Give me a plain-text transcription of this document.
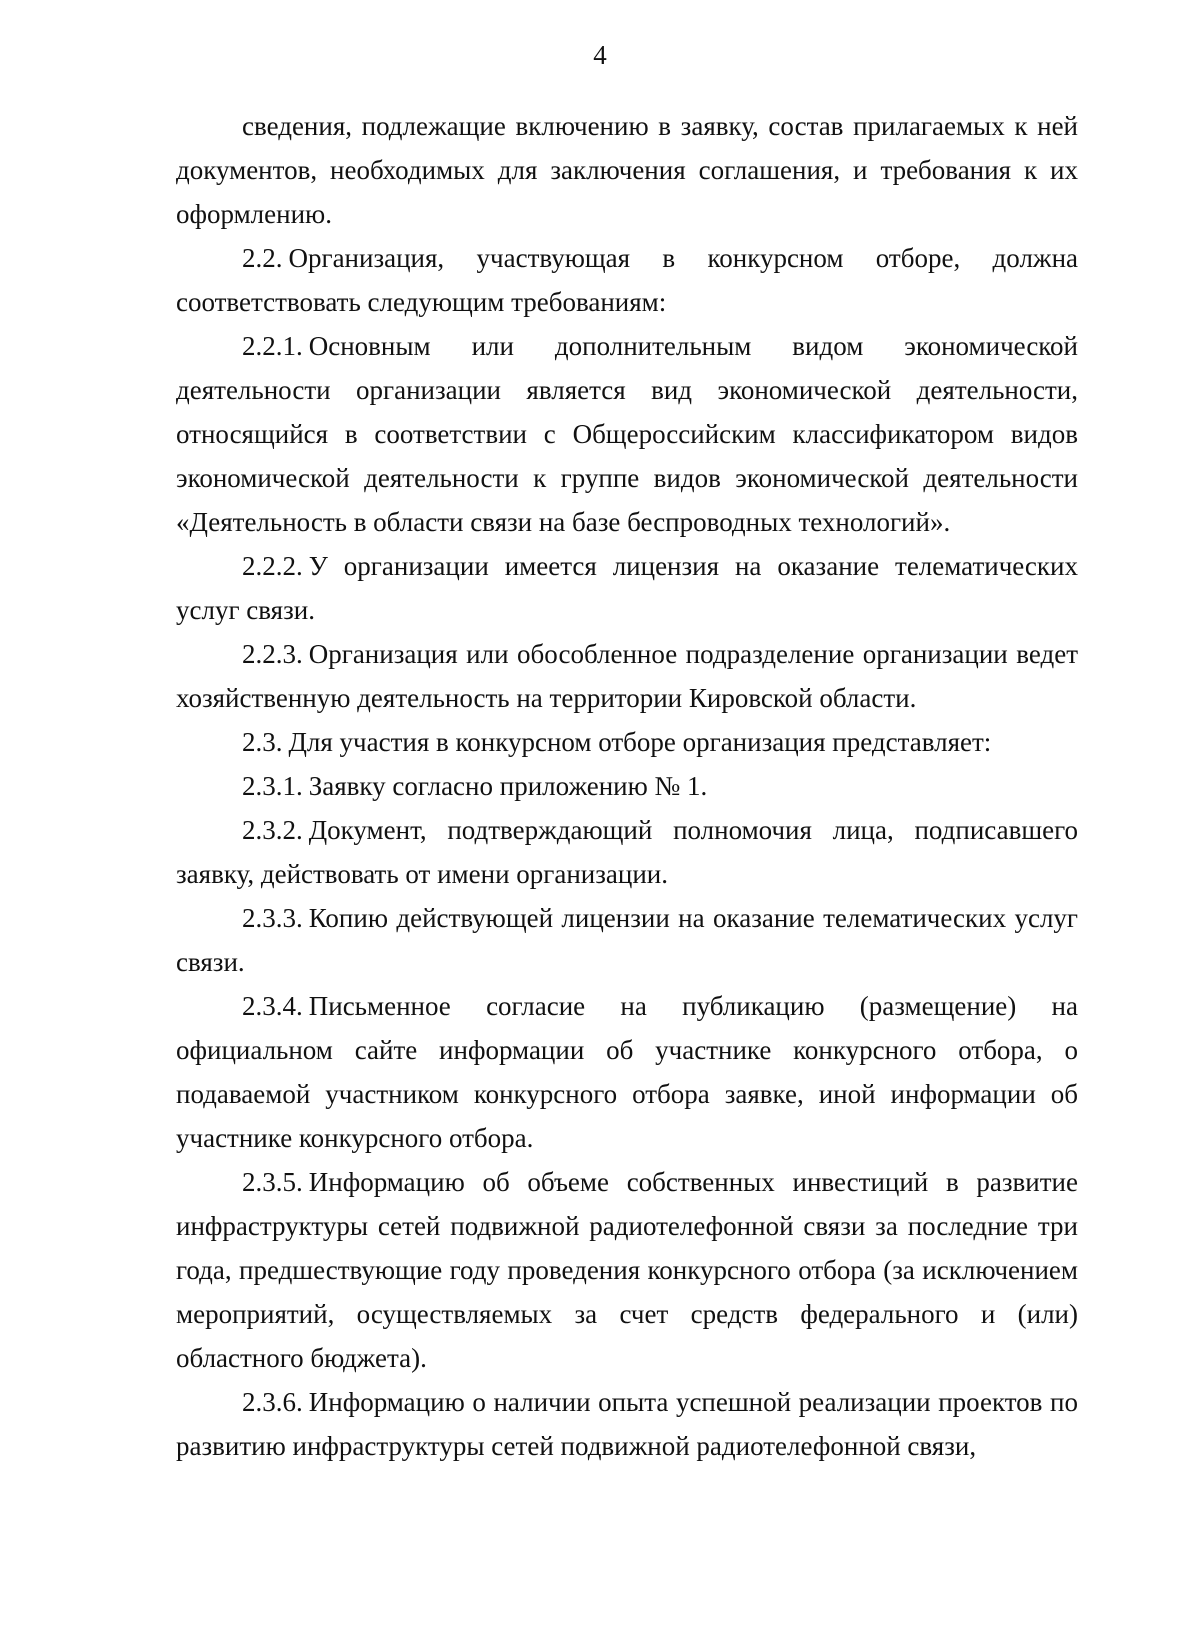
4

сведения, подлежащие включению в заявку, состав прилагаемых к ней документов, необходимых для заключения соглашения, и требования к их оформлению.

2.2. Организация, участвующая в конкурсном отборе, должна соответствовать следующим требованиям:

2.2.1. Основным или дополнительным видом экономической деятельности организации является вид экономической деятельности, относящийся в соответствии с Общероссийским классификатором видов экономической деятельности к группе видов экономической деятельности «Деятельность в области связи на базе беспроводных технологий».

2.2.2. У организации имеется лицензия на оказание телематических услуг связи.

2.2.3. Организация или обособленное подразделение организации ведет хозяйственную деятельность на территории Кировской области.

2.3. Для участия в конкурсном отборе организация представляет:

2.3.1. Заявку согласно приложению № 1.

2.3.2. Документ, подтверждающий полномочия лица, подписавшего заявку, действовать от имени организации.

2.3.3. Копию действующей лицензии на оказание телематических услуг связи.

2.3.4. Письменное согласие на публикацию (размещение) на официальном сайте информации об участнике конкурсного отбора, о подаваемой участником конкурсного отбора заявке, иной информации об участнике конкурсного отбора.

2.3.5. Информацию об объеме собственных инвестиций в развитие инфраструктуры сетей подвижной радиотелефонной связи за последние три года, предшествующие году проведения конкурсного отбора (за исключением мероприятий, осуществляемых за счет средств федерального и (или) областного бюджета).

2.3.6. Информацию о наличии опыта успешной реализации проектов по развитию инфраструктуры сетей подвижной радиотелефонной связи,
